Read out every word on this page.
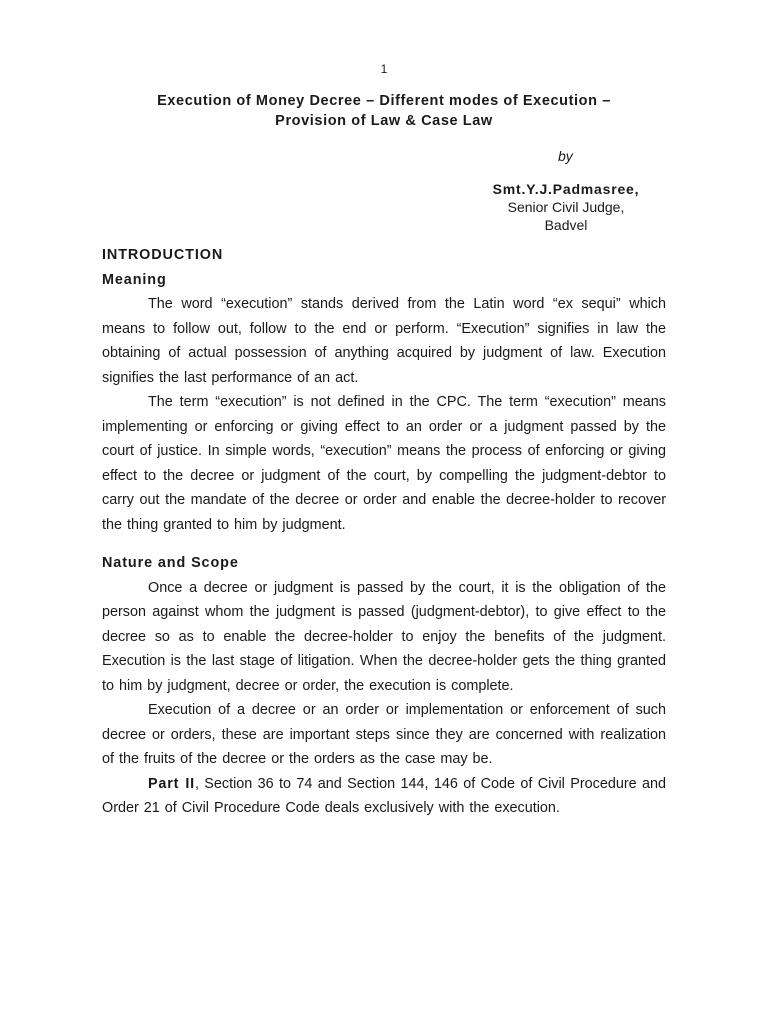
1
Execution of Money Decree – Different modes of Execution –
Provision of Law & Case Law
by
Smt.Y.J.Padmasree,
Senior Civil Judge,
Badvel

INTRODUCTION

Meaning

The word “execution” stands derived from the Latin word “ex sequi” which means to follow out, follow to the end or perform. “Execution” signifies in law the obtaining of actual possession of anything acquired by judgment of law. Execution signifies the last performance of an act.

The term “execution” is not defined in the CPC. The term “execution” means implementing or enforcing or giving effect to an order or a judgment passed by the court of justice. In simple words, “execution” means the process of enforcing or giving effect to the decree or judgment of the court, by compelling the judgment-debtor to carry out the mandate of the decree or order and enable the decree-holder to recover the thing granted to him by judgment.

Nature and Scope

Once a decree or judgment is passed by the court, it is the obligation of the person against whom the judgment is passed (judgment-debtor), to give effect to the decree so as to enable the decree-holder to enjoy the benefits of the judgment. Execution is the last stage of litigation. When the decree-holder gets the thing granted to him by judgment, decree or order, the execution is complete.

Execution of a decree or an order or implementation or enforcement of such decree or orders, these are important steps since they are concerned with realization of the fruits of the decree or the orders as the case may be.

Part II, Section 36 to 74 and Section 144, 146 of Code of Civil Procedure and Order 21 of Civil Procedure Code deals exclusively with the execution.
